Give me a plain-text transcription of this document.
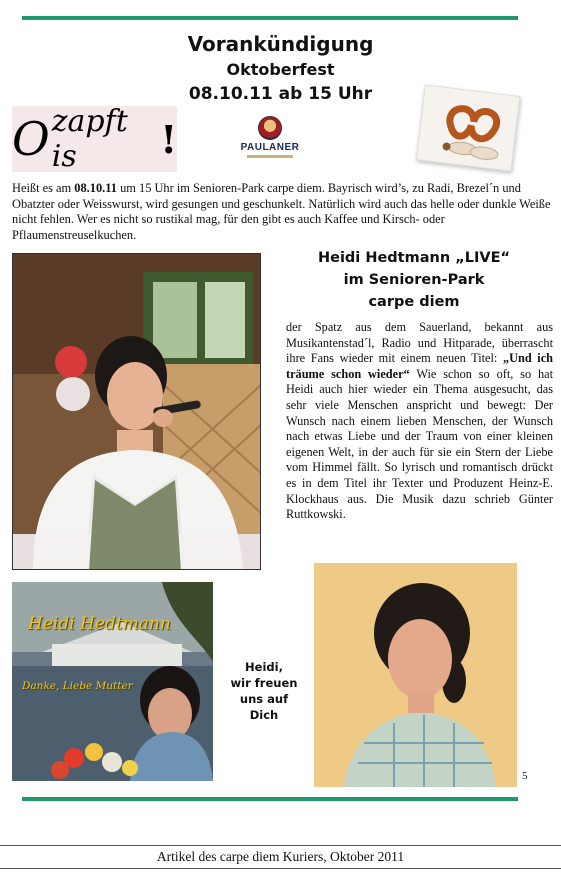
Vorankündigung
Oktoberfest
08.10.11 ab 15 Uhr
O zapft is	!	PAULANER

Heißt es am 08.10.11 um 15 Uhr im Senioren-Park carpe diem. Bayrisch wird’s, zu Radi, Brezel´n und Obatzter oder Weisswurst, wird gesungen und geschunkelt. Natürlich wird auch das helle oder dunkle Weiße nicht fehlen. Wer es nicht so rustikal mag, für den gibt es auch Kaffee und Kirsch- oder Pflaumenstreuselkuchen.

Heidi Hedtmann „LIVE“
im Senioren-Park
carpe diem

der Spatz aus dem Sauerland, bekannt aus Musikantenstad´l, Radio und Hitparade, überrascht ihre Fans wieder mit einem neuen Titel: „Und ich träume schon wieder“ Wie schon so oft, so hat Heidi auch hier wieder ein Thema ausgesucht, das sehr viele Menschen anspricht und bewegt: Der Wunsch nach einem lieben Menschen, der Wunsch nach etwas Liebe und der Traum von einer kleinen eigenen Welt, in der auch für sie ein Stern der Liebe vom Himmel fällt. So lyrisch und romantisch drückt es in dem Titel ihr Texter und Produzent Heinz-E. Klockhaus aus. Die Musik dazu schrieb Günter Ruttkowski.

Heidi Hedtmann
Danke, Liebe Mutter
Heidi,
wir freuen
uns auf
Dich
5
Artikel des carpe diem Kuriers, Oktober 2011
